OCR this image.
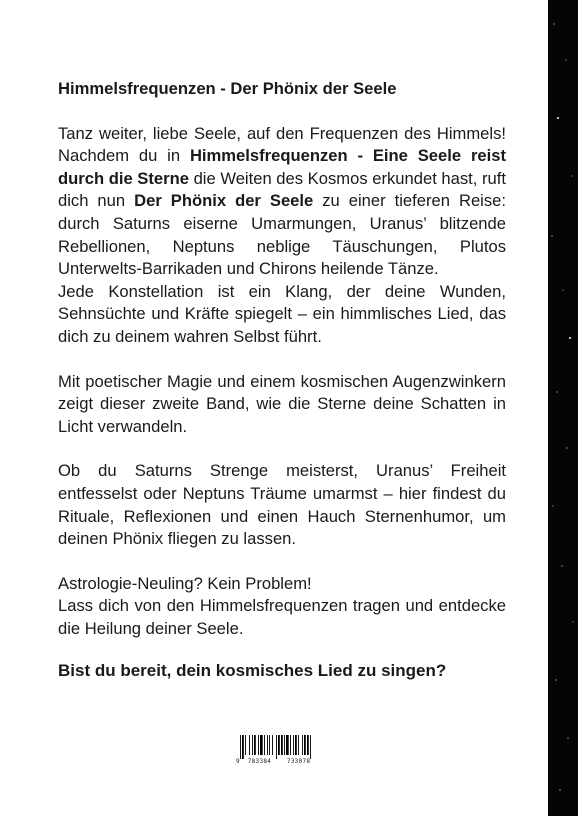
Himmelsfrequenzen - Der Phönix der Seele

Tanz weiter, liebe Seele, auf den Frequenzen des Himmels! Nachdem du in Himmelsfrequenzen - Eine Seele reist durch die Sterne die Weiten des Kosmos erkundet hast, ruft dich nun Der Phönix der Seele zu einer tieferen Reise: durch Saturns eiserne Umarmungen, Uranus’ blitzende Rebellionen, Neptuns neblige Täuschungen, Plutos Unterwelts-Barrikaden und Chirons heilende Tänze.

Jede Konstellation ist ein Klang, der deine Wunden, Sehnsüchte und Kräfte spiegelt – ein himmlisches Lied, das dich zu deinem wahren Selbst führt.

Mit poetischer Magie und einem kosmischen Augenzwinkern zeigt dieser zweite Band, wie die Sterne deine Schatten in Licht verwandeln.

Ob du Saturns Strenge meisterst, Uranus’ Freiheit entfesselst oder Neptuns Träume umarmst – hier findest du Rituale, Reflexionen und einen Hauch Sternenhumor, um deinen Phönix fliegen zu lassen.

Astrologie-Neuling? Kein Problem!

Lass dich von den Himmelsfrequenzen tragen und entdecke die Heilung deiner Seele.

Bist du bereit, dein kosmisches Lied zu singen?

9  783384    733078
